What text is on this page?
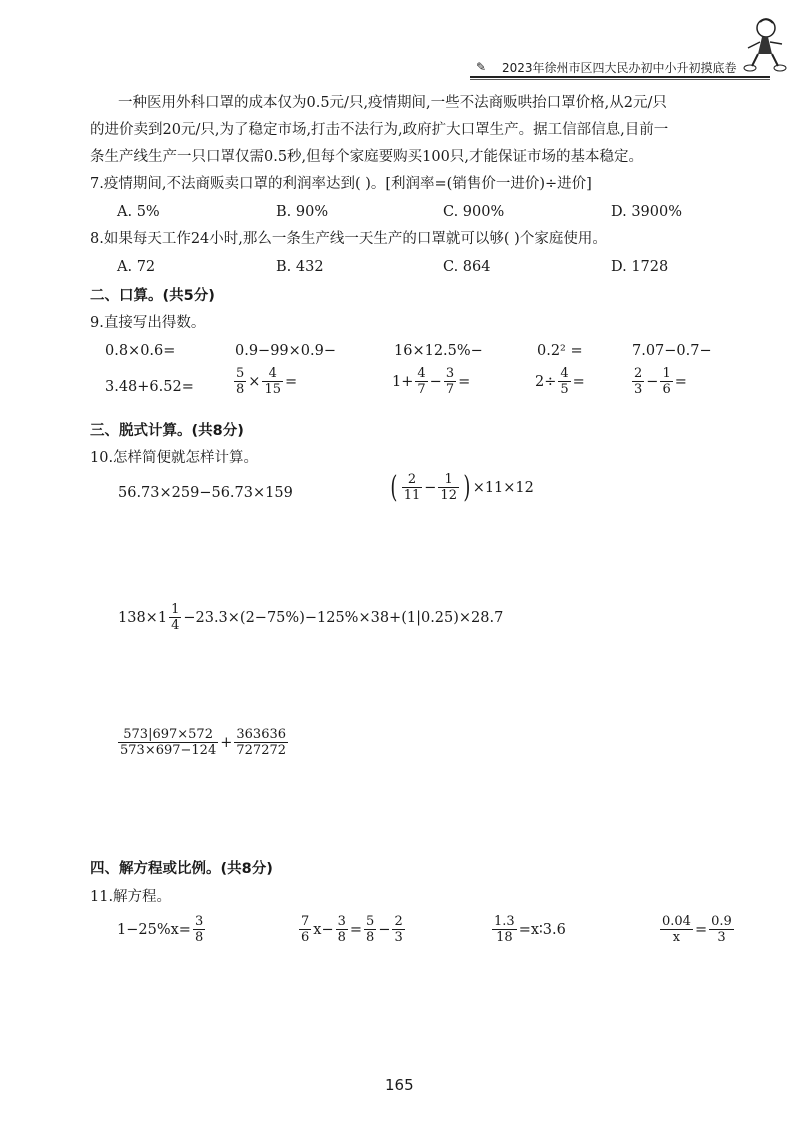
✎ 2023年徐州市区四大民办初中小升初摸底卷
一种医用外科口罩的成本仅为0.5元/只,疫情期间,一些不法商贩哄抬口罩价格,从2元/只
的进价卖到20元/只,为了稳定市场,打击不法行为,政府扩大口罩生产。据工信部信息,目前一
条生产线生产一只口罩仅需0.5秒,但每个家庭要购买100只,才能保证市场的基本稳定。
7.疫情期间,不法商贩卖口罩的利润率达到( )。[利润率=(销售价一进价)÷进价]
A. 5%	B. 90%	C. 900%	D. 3900%
8.如果每天工作24小时,那么一条生产线一天生产的口罩就可以够( )个家庭使用。
A. 72	B. 432	C. 864	D. 1728
二、口算。(共5分)
9.直接写出得数。
0.8×0.6=	0.9−99×0.9−	16×12.5%−	0.2² =	7.07−0.7−
3.48+6.52=	$\frac{5}{8} \times \frac{4}{15}$ =	$1+ \frac{4}{7} - \frac{3}{7}$ =	$2\div \frac{4}{5}$ =	$\frac{2}{3} - \frac{1}{6}$ =
三、脱式计算。(共8分)
10.怎样简便就怎样计算。
56.73×259−56.73×159	( $\frac{2}{11} - \frac{1}{12}$ ) ×11×12
$138\times 1 \frac{1}{4} -23.3\times(2-75\%)-125\%\times 38+(1|0.25)\times 28.7$
$\frac{573|697\times 572}{573\times 697-124} + \frac{363636}{727272}$
四、解方程或比例。(共8分)
11.解方程。
$1-25\%x= \frac{3}{8}$	$\frac{7}{6} x- \frac{3}{8} = \frac{5}{8} - \frac{2}{3}$	$\frac{1.3}{18}$ =x∶3.6	$\frac{0.04}{x} = \frac{0.9}{3}$
165
